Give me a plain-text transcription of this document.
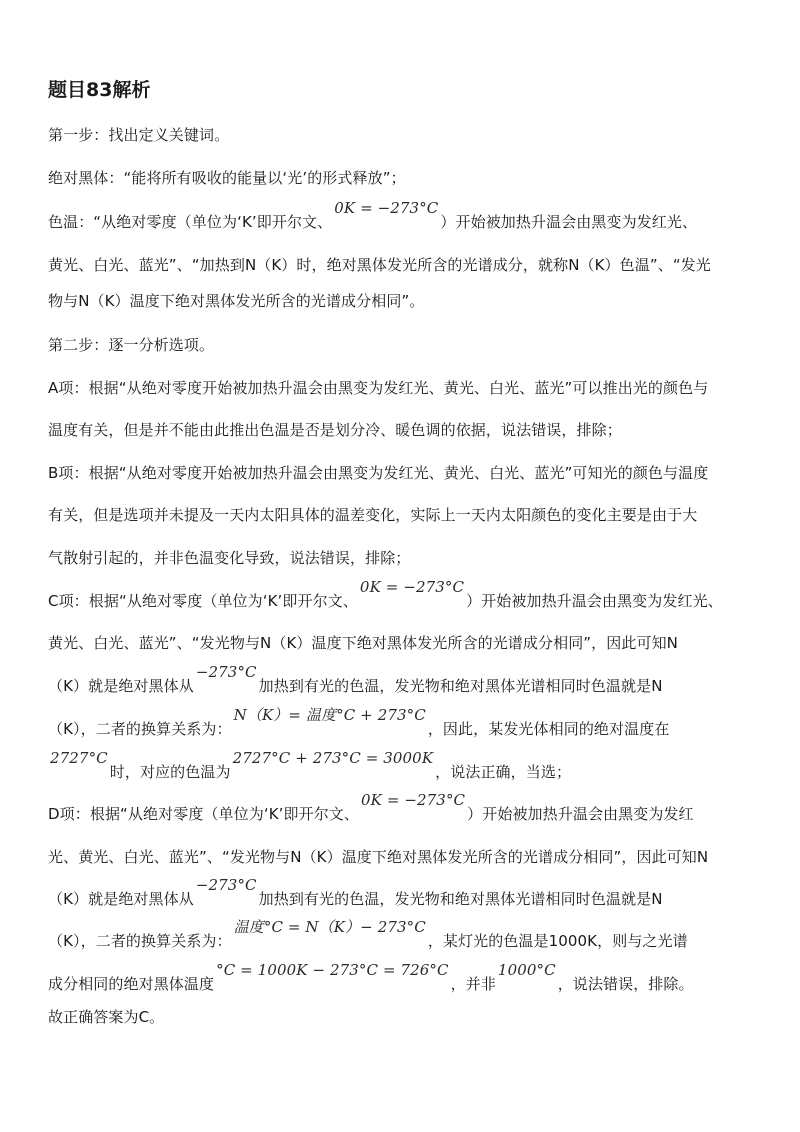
题目83解析

第一步：找出定义关键词。

绝对黑体：“能将所有吸收的能量以‘光’的形式释放”；

色温：“从绝对零度（单位为‘K’即开尔文、0K = −273°C）开始被加热升温会由黑变为发红光、

黄光、白光、蓝光”、“加热到N（K）时，绝对黑体发光所含的光谱成分，就称N（K）色温”、“发光

物与N（K）温度下绝对黑体发光所含的光谱成分相同”。

第二步：逐一分析选项。

A项：根据“从绝对零度开始被加热升温会由黑变为发红光、黄光、白光、蓝光”可以推出光的颜色与

温度有关，但是并不能由此推出色温是否是划分冷、暖色调的依据，说法错误，排除；

B项：根据“从绝对零度开始被加热升温会由黑变为发红光、黄光、白光、蓝光”可知光的颜色与温度

有关，但是选项并未提及一天内太阳具体的温差变化，实际上一天内太阳颜色的变化主要是由于大

气散射引起的，并非色温变化导致，说法错误，排除；

C项：根据“从绝对零度（单位为‘K’即开尔文、0K = −273°C）开始被加热升温会由黑变为发红光、

黄光、白光、蓝光”、“发光物与N（K）温度下绝对黑体发光所含的光谱成分相同”，因此可知N

（K）就是绝对黑体从−273°C加热到有光的色温，发光物和绝对黑体光谱相同时色温就是N

（K），二者的换算关系为：N（K）= 温度°C + 273°C，因此，某发光体相同的绝对温度在

2727°C时，对应的色温为2727°C + 273°C = 3000K，说法正确，当选；

D项：根据“从绝对零度（单位为‘K’即开尔文、0K = −273°C）开始被加热升温会由黑变为发红

光、黄光、白光、蓝光”、“发光物与N（K）温度下绝对黑体发光所含的光谱成分相同”，因此可知N

（K）就是绝对黑体从−273°C加热到有光的色温，发光物和绝对黑体光谱相同时色温就是N

（K），二者的换算关系为：温度°C = N（K）− 273°C，某灯光的色温是1000K，则与之光谱

成分相同的绝对黑体温度°C = 1000K − 273°C = 726°C，并非1000°C，说法错误，排除。

故正确答案为C。
